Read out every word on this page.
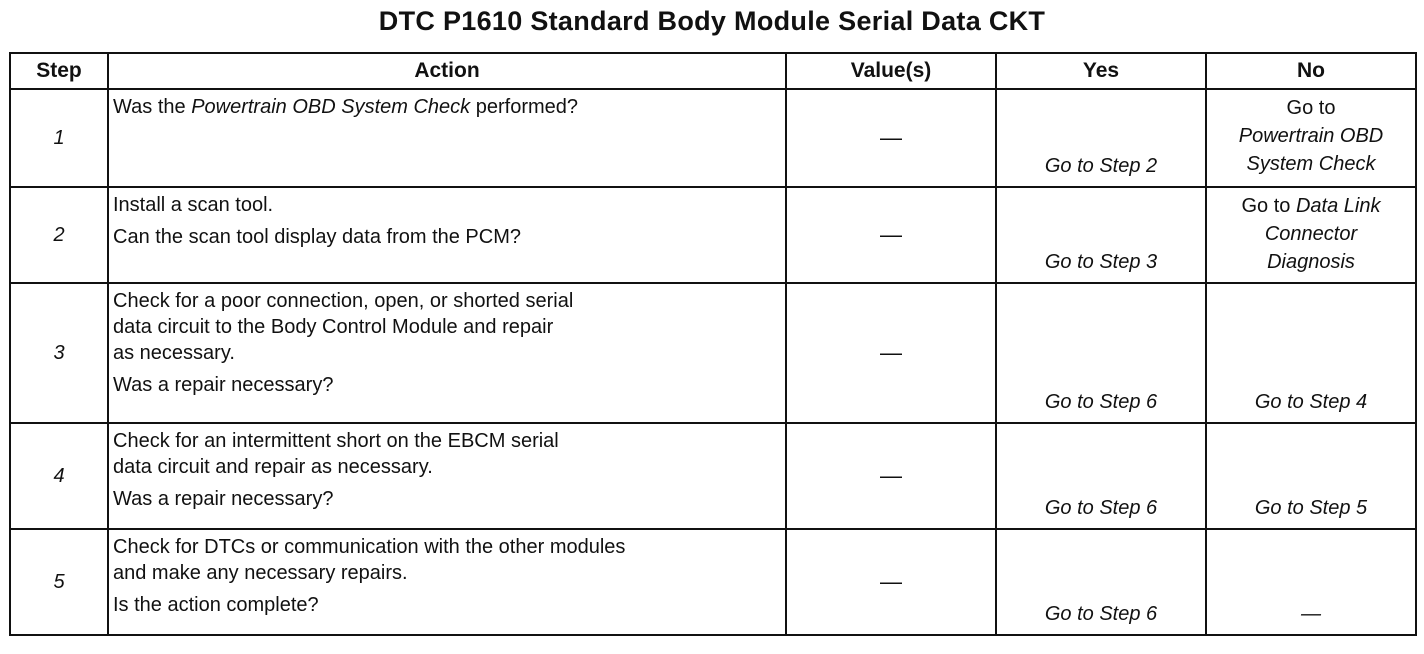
DTC P1610 Standard Body Module Serial Data CKT
Step	Action	Value(s)	Yes	No
1	Was the Powertrain OBD System Check performed?	—	Go to Step 2	Go to
Powertrain OBD
System Check

2	Install a scan tool.
Can the scan tool display data from the PCM?	—	Go to Step 3	Go to Data Link
Connector
Diagnosis

3	Check for a poor connection, open, or shorted serial
data circuit to the Body Control Module and repair
as necessary.
Was a repair necessary?	—	Go to Step 6	Go to Step 4
4	Check for an intermittent short on the EBCM serial
data circuit and repair as necessary.
Was a repair necessary?	—	Go to Step 6	Go to Step 5
5	Check for DTCs or communication with the other modules
and make any necessary repairs.
Is the action complete?	—	Go to Step 6	—
